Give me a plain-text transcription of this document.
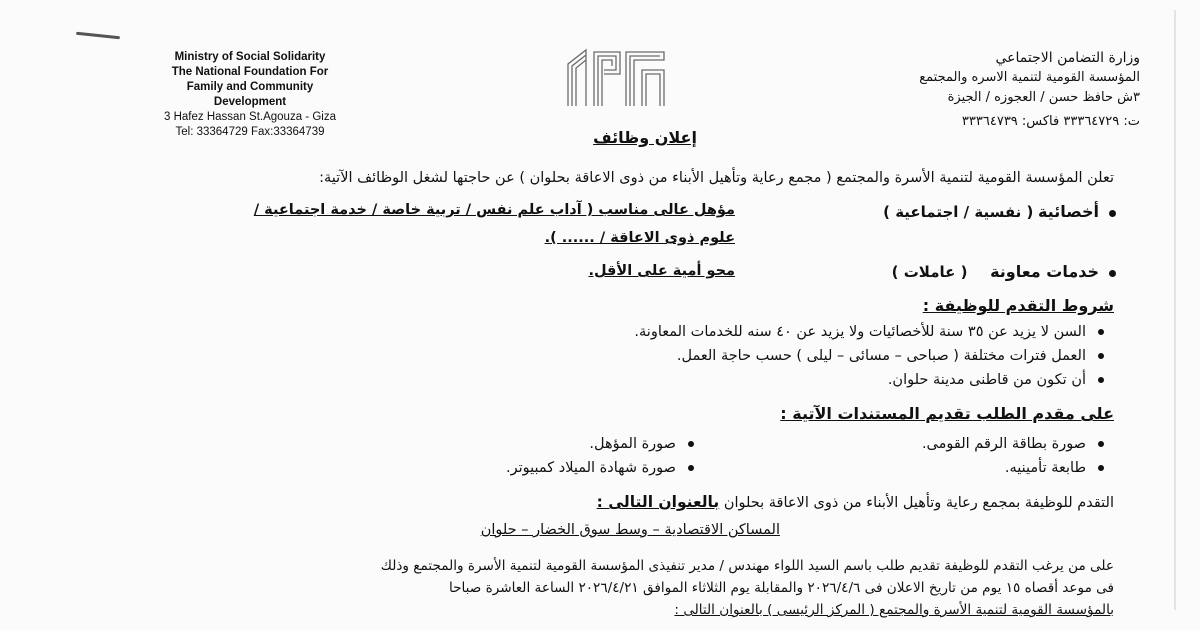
Ministry of Social Solidarity
The National Foundation For
Family and Community
Development
3 Hafez Hassan St.Agouza - Giza
Tel: 33364729 Fax:33364739
وزارة التضامن الاجتماعي
المؤسسة القومية لتنمية الاسره والمجتمع
٣ش حافظ حسن / العجوزه / الجيزة
ت: ٣٣٣٦٤٧٢٩ فاكس: ٣٣٣٦٤٧٣٩
إعلان وظائف
تعلن المؤسسة القومية لتنمية الأسرة والمجتمع ( مجمع رعاية وتأهيل الأبناء من ذوى الاعاقة بحلوان ) عن حاجتها لشغل الوظائف الآتية:
أخصائية ( نفسية / اجتماعية )
مؤهل عالى مناسب ( آداب علم نفس / تربية خاصة / خدمة اجتماعية /
علوم ذوى الاعاقة / ...... ).
خدمات معاونة ( عاملات )
محو أمية على الأقل.
شروط التقدم للوظيفة :
السن لا يزيد عن ٣٥ سنة للأخصائيات ولا يزيد عن ٤٠ سنه للخدمات المعاونة.
العمل فترات مختلفة ( صباحى – مسائى – ليلى ) حسب حاجة العمل.
أن تكون من قاطنى مدينة حلوان.
على مقدم الطلب تقديم المستندات الآتية :
صورة بطاقة الرقم القومى.
طابعة تأمينيه.
صورة المؤهل.
صورة شهادة الميلاد كمبيوتر.
التقدم للوظيفة بمجمع رعاية وتأهيل الأبناء من ذوى الاعاقة بحلوان بالعنوان التالى :
المساكن الاقتصادية – وسط سوق الخضار – حلوان
على من يرغب التقدم للوظيفة تقديم طلب باسم السيد اللواء مهندس / مدير تنفيذى المؤسسة القومية لتنمية الأسرة والمجتمع وذلك
فى موعد أقصاه ١٥ يوم من تاريخ الاعلان فى ٢٠٢٦/٤/٦ والمقابلة يوم الثلاثاء الموافق ٢٠٢٦/٤/٢١ الساعة العاشرة صباحا
بالمؤسسة القومية لتنمية الأسرة والمجتمع ( المركز الرئيسى ) بالعنوان التالى :
